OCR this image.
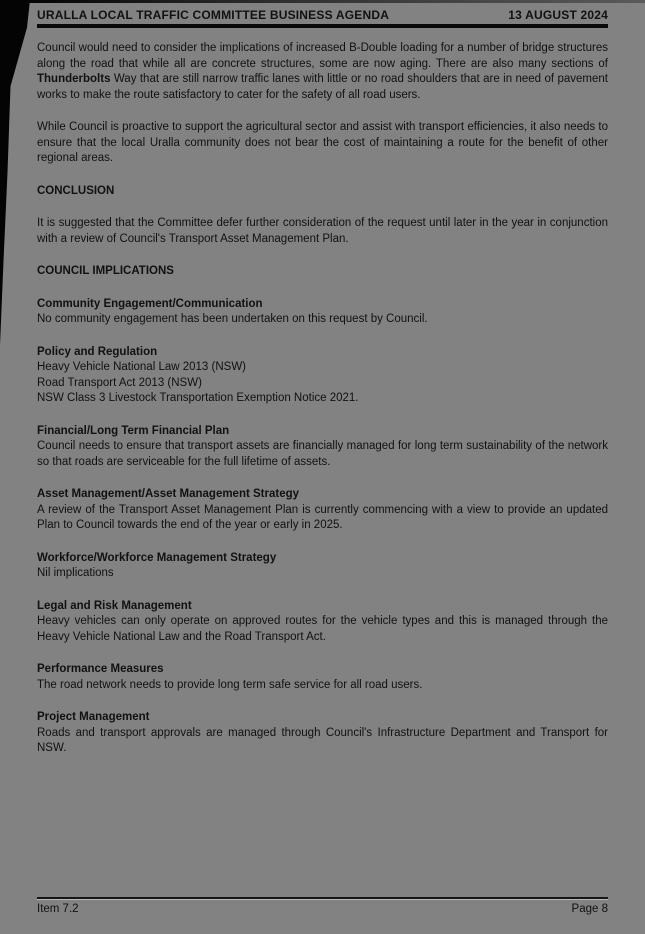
URALLA LOCAL TRAFFIC COMMITTEE BUSINESS AGENDA	13 AUGUST 2024

Council would need to consider the implications of increased B-Double loading for a number of bridge structures along the road that while all are concrete structures, some are now aging. There are also many sections of Thunderbolts Way that are still narrow traffic lanes with little or no road shoulders that are in need of pavement works to make the route satisfactory to cater for the safety of all road users.

While Council is proactive to support the agricultural sector and assist with transport efficiencies, it also needs to ensure that the local Uralla community does not bear the cost of maintaining a route for the benefit of other regional areas.

CONCLUSION

It is suggested that the Committee defer further consideration of the request until later in the year in conjunction with a review of Council's Transport Asset Management Plan.

COUNCIL IMPLICATIONS
Community Engagement/Communication

No community engagement has been undertaken on this request by Council.

Policy and Regulation

Heavy Vehicle National Law 2013 (NSW)

Road Transport Act 2013 (NSW)

NSW Class 3 Livestock Transportation Exemption Notice 2021.

Financial/Long Term Financial Plan

Council needs to ensure that transport assets are financially managed for long term sustainability of the network so that roads are serviceable for the full lifetime of assets.

Asset Management/Asset Management Strategy

A review of the Transport Asset Management Plan is currently commencing with a view to provide an updated Plan to Council towards the end of the year or early in 2025.

Workforce/Workforce Management Strategy

Nil implications

Legal and Risk Management

Heavy vehicles can only operate on approved routes for the vehicle types and this is managed through the Heavy Vehicle National Law and the Road Transport Act.

Performance Measures

The road network needs to provide long term safe service for all road users.

Project Management

Roads and transport approvals are managed through Council's Infrastructure Department and Transport for NSW.

Item 7.2	Page 8
